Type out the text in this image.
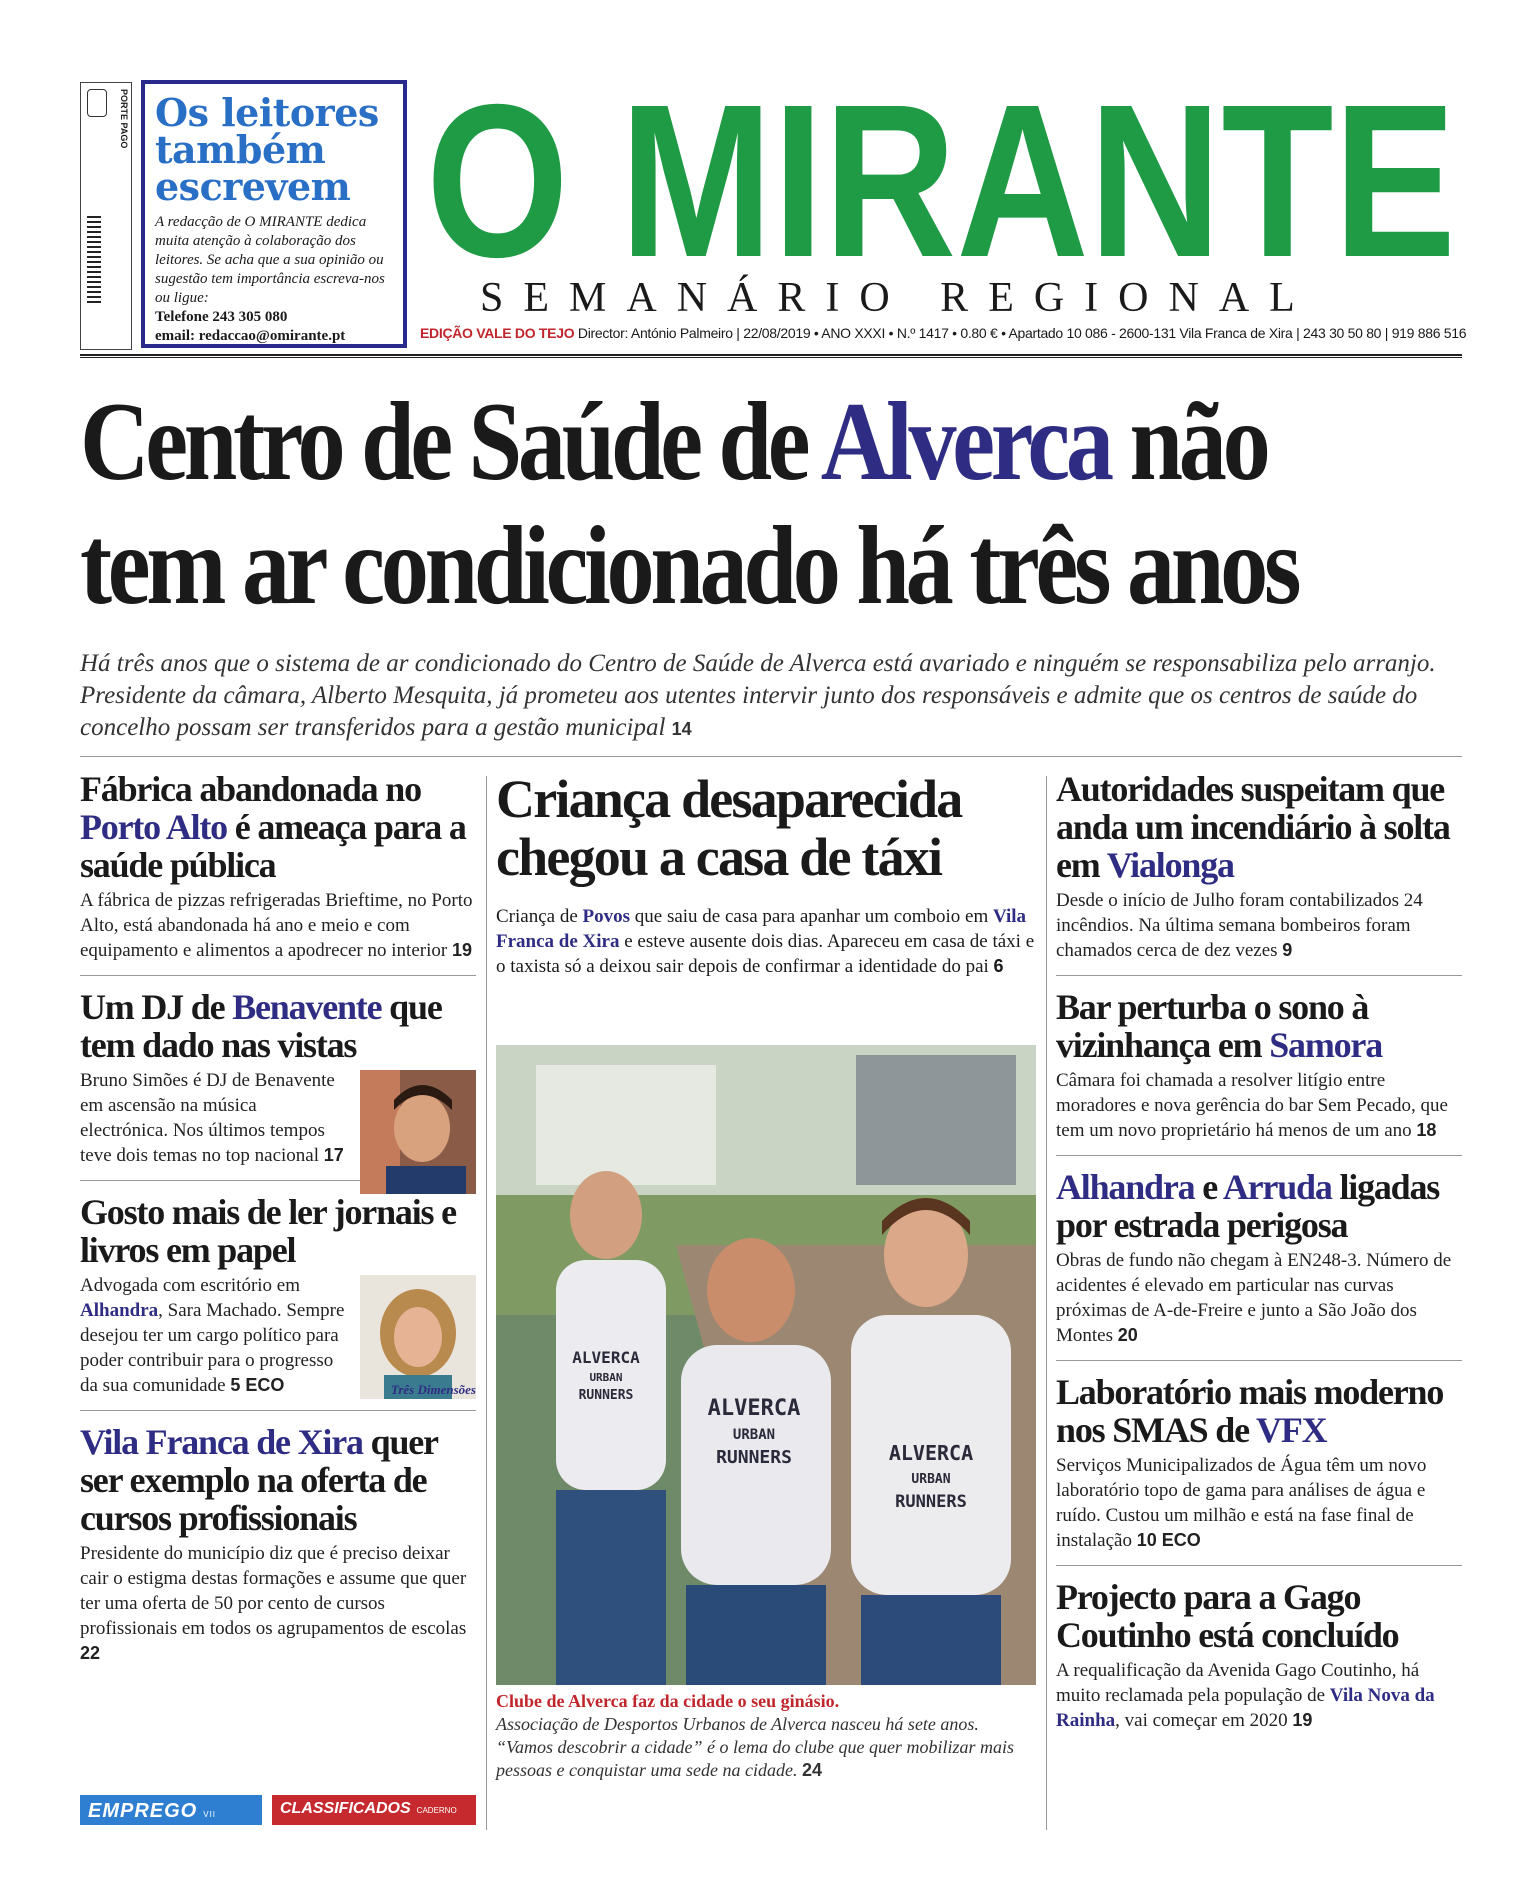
PORTE PAGO Os leitores também escrevem
A redacção de O MIRANTE dedica muita atenção à colaboração dos leitores. Se acha que a sua opinião ou sugestão tem importância escreva-nos ou ligue:
Telefone 243 305 080
email: redaccao@omirante.pt
O MIRANTE
SEMANÁRIO REGIONAL
EDIÇÃO VALE DO TEJO Director: António Palmeiro | 22/08/2019 • ANO XXXI • N.º 1417 • 0.80 € • Apartado 10 086 - 2600-131 Vila Franca de Xira | 243 30 50 80 | 919 886 516
Centro de Saúde de Alverca não
tem ar condicionado há três anos
Há três anos que o sistema de ar condicionado do Centro de Saúde de Alverca está avariado e ninguém se responsabiliza pelo arranjo. Presidente da câmara, Alberto Mesquita, já prometeu aos utentes intervir junto dos responsáveis e admite que os centros de saúde do concelho possam ser transferidos para a gestão municipal 14
Fábrica abandonada no Porto Alto é ameaça para a saúde pública
A fábrica de pizzas refrigeradas Brieftime, no Porto Alto, está abandonada há ano e meio e com equipamento e alimentos a apodrecer no interior 19
Um DJ de Benavente que tem dado nas vistas
Bruno Simões é DJ de Benavente em ascensão na música electrónica. Nos últimos tempos teve dois temas no top nacional 17
Gosto mais de ler jornais e livros em papel
Advogada com escritório em Alhandra, Sara Machado. Sempre desejou ter um cargo político para poder contribuir para o progresso da sua comunidade 5 ECO	Três Dimensões
Vila Franca de Xira quer ser exemplo na oferta de cursos profissionais
Presidente do município diz que é preciso deixar cair o estigma destas formações e assume que quer ter uma oferta de 50 por cento de cursos profissionais em todos os agrupamentos de escolas 22
EMPREGO VII	CLASSIFICADOS CADERNO
Criança desaparecida chegou a casa de táxi
Criança de Povos que saiu de casa para apanhar um comboio em Vila Franca de Xira e esteve ausente dois dias. Apareceu em casa de táxi e o taxista só a deixou sair depois de confirmar a identidade do pai 6
ALVERCA
URBAN
RUNNERS	ALVERCA
URBAN
RUNNERS
ALVERCA
URBAN
RUNNERS
Clube de Alverca faz da cidade o seu ginásio.
Associação de Desportos Urbanos de Alverca nasceu há sete anos. “Vamos descobrir a cidade” é o lema do clube que quer mobilizar mais pessoas e conquistar uma sede na cidade. 24
Autoridades suspeitam que anda um incendiário à solta em Vialonga
Desde o início de Julho foram contabilizados 24 incêndios. Na última semana bombeiros foram chamados cerca de dez vezes 9
Bar perturba o sono à vizinhança em Samora
Câmara foi chamada a resolver litígio entre moradores e nova gerência do bar Sem Pecado, que tem um novo proprietário há menos de um ano 18
Alhandra e Arruda ligadas por estrada perigosa
Obras de fundo não chegam à EN248-3. Número de acidentes é elevado em particular nas curvas próximas de A-de-Freire e junto a São João dos Montes 20
Laboratório mais moderno nos SMAS de VFX
Serviços Municipalizados de Água têm um novo laboratório topo de gama para análises de água e ruído. Custou um milhão e está na fase final de instalação 10 ECO
Projecto para a Gago Coutinho está concluído
A requalificação da Avenida Gago Coutinho, há muito reclamada pela população de Vila Nova da Rainha, vai começar em 2020 19
